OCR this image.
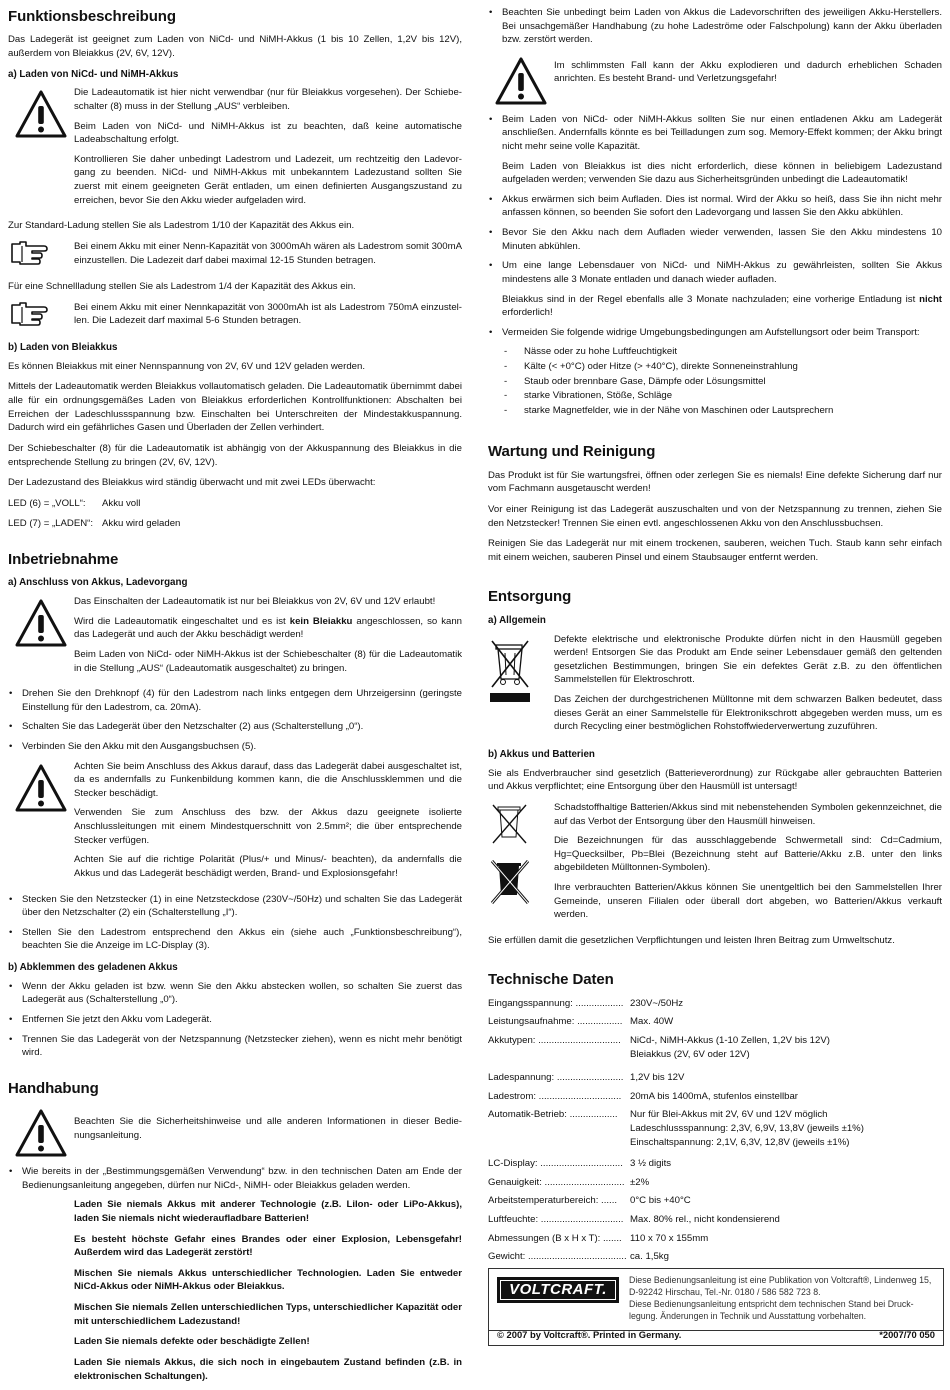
Funktionsbeschreibung

Das Ladegerät ist geeignet zum Laden von NiCd- und NiMH-Akkus (1 bis 10 Zellen, 1,2V bis 12V), außerdem von Bleiakkus (2V, 6V, 12V).

a) Laden von NiCd- und NiMH-Akkus

Die Ladeautomatik ist hier nicht verwendbar (nur für Bleiakkus vorgesehen). Der Schiebe-schalter (8) muss in der Stellung „AUS“ verbleiben.

Beim Laden von NiCd- und NiMH-Akkus ist zu beachten, daß keine automatische Ladeabschaltung erfolgt.

Kontrollieren Sie daher unbedingt Ladestrom und Ladezeit, um rechtzeitig den Ladevor-gang zu beenden. NiCd- und NiMH-Akkus mit unbekanntem Ladezustand sollten Sie zuerst mit einem geeigneten Gerät entladen, um einen definierten Ausgangszustand zu erreichen, bevor Sie den Akku wieder aufgeladen wird.

Zur Standard-Ladung stellen Sie als Ladestrom 1/10 der Kapazität des Akkus ein.

Bei einem Akku mit einer Nenn-Kapazität von 3000mAh wären als Ladestrom somit 300mA einzustellen. Die Ladezeit darf dabei maximal 12-15 Stunden betragen.

Für eine Schnellladung stellen Sie als Ladestrom 1/4 der Kapazität des Akkus ein.

Bei einem Akku mit einer Nennkapazität von 3000mAh ist als Ladestrom 750mA einzustel-len. Die Ladezeit darf maximal 5-6 Stunden betragen.

b) Laden von Bleiakkus

Es können Bleiakkus mit einer Nennspannung von 2V, 6V und 12V geladen werden.

Mittels der Ladeautomatik werden Bleiakkus vollautomatisch geladen. Die Ladeautomatik übernimmt dabei alle für ein ordnungsgemäßes Laden von Bleiakkus erforderlichen Kontrollfunktionen: Abschalten bei Erreichen der Ladeschlussspannung bzw. Einschalten bei Unterschreiten der Mindestakkuspannung. Dadurch wird ein gefährliches Gasen und Überladen der Zellen verhindert.

Der Schiebeschalter (8) für die Ladeautomatik ist abhängig von der Akkuspannung des Bleiakkus in die entsprechende Stellung zu bringen (2V, 6V, 12V).

Der Ladezustand des Bleiakkus wird ständig überwacht und mit zwei LEDs überwacht:

LED (6) = „VOLL“:	Akku voll
LED (7) = „LADEN“: Akku wird geladen
Inbetriebnahme
a) Anschluss von Akkus, Ladevorgang

Das Einschalten der Ladeautomatik ist nur bei Bleiakkus von 2V, 6V und 12V erlaubt!

Wird die Ladeautomatik eingeschaltet und es ist kein Bleiakku angeschlossen, so kann das Ladegerät und auch der Akku beschädigt werden!

Beim Laden von NiCd- oder NiMH-Akkus ist der Schiebeschalter (8) für die Ladeautomatik in die Stellung „AUS“ (Ladeautomatik ausgeschaltet) zu bringen.

• Drehen Sie den Drehknopf (4) für den Ladestrom nach links entgegen dem Uhrzeigersinn (geringste Einstellung für den Ladestrom, ca. 20mA).
• Schalten Sie das Ladegerät über den Netzschalter (2) aus (Schalterstellung „0“).
• Verbinden Sie den Akku mit den Ausgangsbuchsen (5).

Achten Sie beim Anschluss des Akkus darauf, dass das Ladegerät dabei ausgeschaltet ist, da es andernfalls zu Funkenbildung kommen kann, die die Anschlussklemmen und die Stecker beschädigt.

Verwenden Sie zum Anschluss des bzw. der Akkus dazu geeignete isolierte Anschlussleitungen mit einem Mindestquerschnitt von 2.5mm²; die über entsprechende Stecker verfügen.

Achten Sie auf die richtige Polarität (Plus/+ und Minus/- beachten), da andernfalls die Akkus und das Ladegerät beschädigt werden, Brand- und Explosionsgefahr!

• Stecken Sie den Netzstecker (1) in eine Netzsteckdose (230V~/50Hz) und schalten Sie das Ladegerät über den Netzschalter (2) ein (Schalterstellung „I“).
• Stellen Sie den Ladestrom entsprechend den Akkus ein (siehe auch „Funktionsbeschreibung“), beachten Sie die Anzeige im LC-Display (3).
b) Abklemmen des geladenen Akkus
• Wenn der Akku geladen ist bzw. wenn Sie den Akku abstecken wollen, so schalten Sie zuerst das Ladegerät aus (Schalterstellung „0“).
• Entfernen Sie jetzt den Akku vom Ladegerät.
• Trennen Sie das Ladegerät von der Netzspannung (Netzstecker ziehen), wenn es nicht mehr benötigt wird.
Handhabung

Beachten Sie die Sicherheitshinweise und alle anderen Informationen in dieser Bedie-nungsanleitung.

• Wie bereits in der „Bestimmungsgemäßen Verwendung“ bzw. in den technischen Daten am Ende der Bedienungsanleitung angegeben, dürfen nur NiCd-, NiMH- oder Bleiakkus geladen werden.

Laden Sie niemals Akkus mit anderer Technologie (z.B. LiIon- oder LiPo-Akkus), laden Sie niemals nicht wiederaufladbare Batterien!

Es besteht höchste Gefahr eines Brandes oder einer Explosion, Lebensgefahr! Außerdem wird das Ladegerät zerstört!

Mischen Sie niemals Akkus unterschiedlicher Technologien. Laden Sie entweder NiCd-Akkus oder NiMH-Akkus oder Bleiakkus.

Mischen Sie niemals Zellen unterschiedlichen Typs, unterschiedlicher Kapazität oder mit unterschiedlichem Ladezustand!

Laden Sie niemals defekte oder beschädigte Zellen!

Laden Sie niemals Akkus, die sich noch in eingebautem Zustand befinden (z.B. in elektronischen Schaltungen).

• Beachten Sie unbedingt beim Laden von Akkus die Ladevorschriften des jeweiligen Akku-Herstellers. Bei unsachgemäßer Handhabung (zu hohe Ladeströme oder Falschpolung) kann der Akku überladen bzw. zerstört werden.

Im schlimmsten Fall kann der Akku explodieren und dadurch erheblichen Schaden anrichten. Es besteht Brand- und Verletzungsgefahr!

• Beim Laden von NiCd- oder NiMH-Akkus sollten Sie nur einen entladenen Akku am Ladegerät anschließen. Andernfalls könnte es bei Teilladungen zum sog. Memory-Effekt kommen; der Akku bringt nicht mehr seine volle Kapazität.

Beim Laden von Bleiakkus ist dies nicht erforderlich, diese können in beliebigem Ladezustand aufgeladen werden; verwenden Sie dazu aus Sicherheitsgründen unbedingt die Ladeautomatik!

• Akkus erwärmen sich beim Aufladen. Dies ist normal. Wird der Akku so heiß, dass Sie ihn nicht mehr anfassen können, so beenden Sie sofort den Ladevorgang und lassen Sie den Akku abkühlen.
• Bevor Sie den Akku nach dem Aufladen wieder verwenden, lassen Sie den Akku mindestens 10 Minuten abkühlen.
• Um eine lange Lebensdauer von NiCd- und NiMH-Akkus zu gewährleisten, sollten Sie Akkus mindestens alle 3 Monate entladen und danach wieder aufladen.

Bleiakkus sind in der Regel ebenfalls alle 3 Monate nachzuladen; eine vorherige Entladung ist nicht erforderlich!

• Vermeiden Sie folgende widrige Umgebungsbedingungen am Aufstellungsort oder beim Transport:
- Nässe oder zu hohe Luftfeuchtigkeit
- Kälte (< +0°C) oder Hitze (> +40°C), direkte Sonneneinstrahlung
- Staub oder brennbare Gase, Dämpfe oder Lösungsmittel
- starke Vibrationen, Stöße, Schläge
- starke Magnetfelder, wie in der Nähe von Maschinen oder Lautsprechern
Wartung und Reinigung

Das Produkt ist für Sie wartungsfrei, öffnen oder zerlegen Sie es niemals! Eine defekte Sicherung darf nur vom Fachmann ausgetauscht werden!

Vor einer Reinigung ist das Ladegerät auszuschalten und von der Netzspannung zu trennen, ziehen Sie den Netzstecker! Trennen Sie einen evtl. angeschlossenen Akku von den Anschlussbuchsen.

Reinigen Sie das Ladegerät nur mit einem trockenen, sauberen, weichen Tuch. Staub kann sehr einfach mit einem weichen, sauberen Pinsel und einem Staubsauger entfernt werden.

Entsorgung
a) Allgemein

Defekte elektrische und elektronische Produkte dürfen nicht in den Hausmüll gegeben werden! Entsorgen Sie das Produkt am Ende seiner Lebensdauer gemäß den geltenden gesetzlichen Bestimmungen, bringen Sie ein defektes Gerät z.B. zu den öffentlichen Sammelstellen für Elektroschrott.

Das Zeichen der durchgestrichenen Mülltonne mit dem schwarzen Balken bedeutet, dass dieses Gerät an einer Sammelstelle für Elektronikschrott abgegeben werden muss, um es durch Recycling einer bestmöglichen Rohstoffwiederverwertung zuzuführen.

b) Akkus und Batterien

Sie als Endverbraucher sind gesetzlich (Batterieverordnung) zur Rückgabe aller gebrauchten Batterien und Akkus verpflichtet; eine Entsorgung über den Hausmüll ist untersagt!

Schadstoffhaltige Batterien/Akkus sind mit nebenstehenden Symbolen gekennzeichnet, die auf das Verbot der Entsorgung über den Hausmüll hinweisen.

Die Bezeichnungen für das ausschlaggebende Schwermetall sind: Cd=Cadmium, Hg=Quecksilber, Pb=Blei (Bezeichnung steht auf Batterie/Akku z.B. unter den links abgebildeten Mülltonnen-Symbolen).

Ihre verbrauchten Batterien/Akkus können Sie unentgeltlich bei den Sammelstellen Ihrer Gemeinde, unseren Filialen oder überall dort abgeben, wo Batterien/Akkus verkauft werden.

Sie erfüllen damit die gesetzlichen Verpflichtungen und leisten Ihren Beitrag zum Umweltschutz.

Technische Daten
Eingangsspannung: .................. 230V~/50Hz
Leistungsaufnahme: ................. Max. 40W
Akkutypen: ............................... NiCd-, NiMH-Akkus (1-10 Zellen, 1,2V bis 12V)
Bleiakkus (2V, 6V oder 12V)
Ladespannung: ......................... 1,2V bis 12V
Ladestrom: ............................... 20mA bis 1400mA, stufenlos einstellbar
Automatik-Betrieb: ..................	Nur für Blei-Akkus mit 2V, 6V und 12V möglich
Ladeschlussspannung: 2,3V, 6,9V, 13,8V (jeweils ±1%)
Einschaltspannung: 2,1V, 6,3V, 12,8V (jeweils ±1%)
LC-Display: ............................... 3 ½ digits
Genauigkeit: .............................. ±2%
Arbeitstemperaturbereich: ......	0°C bis +40°C
Luftfeuchte: ............................... Max. 80% rel., nicht kondensierend
Abmessungen (B x H x T): ....... 110 x 70 x 155mm
Gewicht: ..................................... ca. 1,5kg
VOLTCRAFT.
Diese Bedienungsanleitung ist eine Publikation von Voltcraft®, Lindenweg 15, D-92242 Hirschau, Tel.-Nr. 0180 / 586 582 723 8.
Diese Bedienungsanleitung entspricht dem technischen Stand bei Druck-legung. Änderungen in Technik und Ausstattung vorbehalten.
© 2007 by Voltcraft®. Printed in Germany.	*2007/70 050
